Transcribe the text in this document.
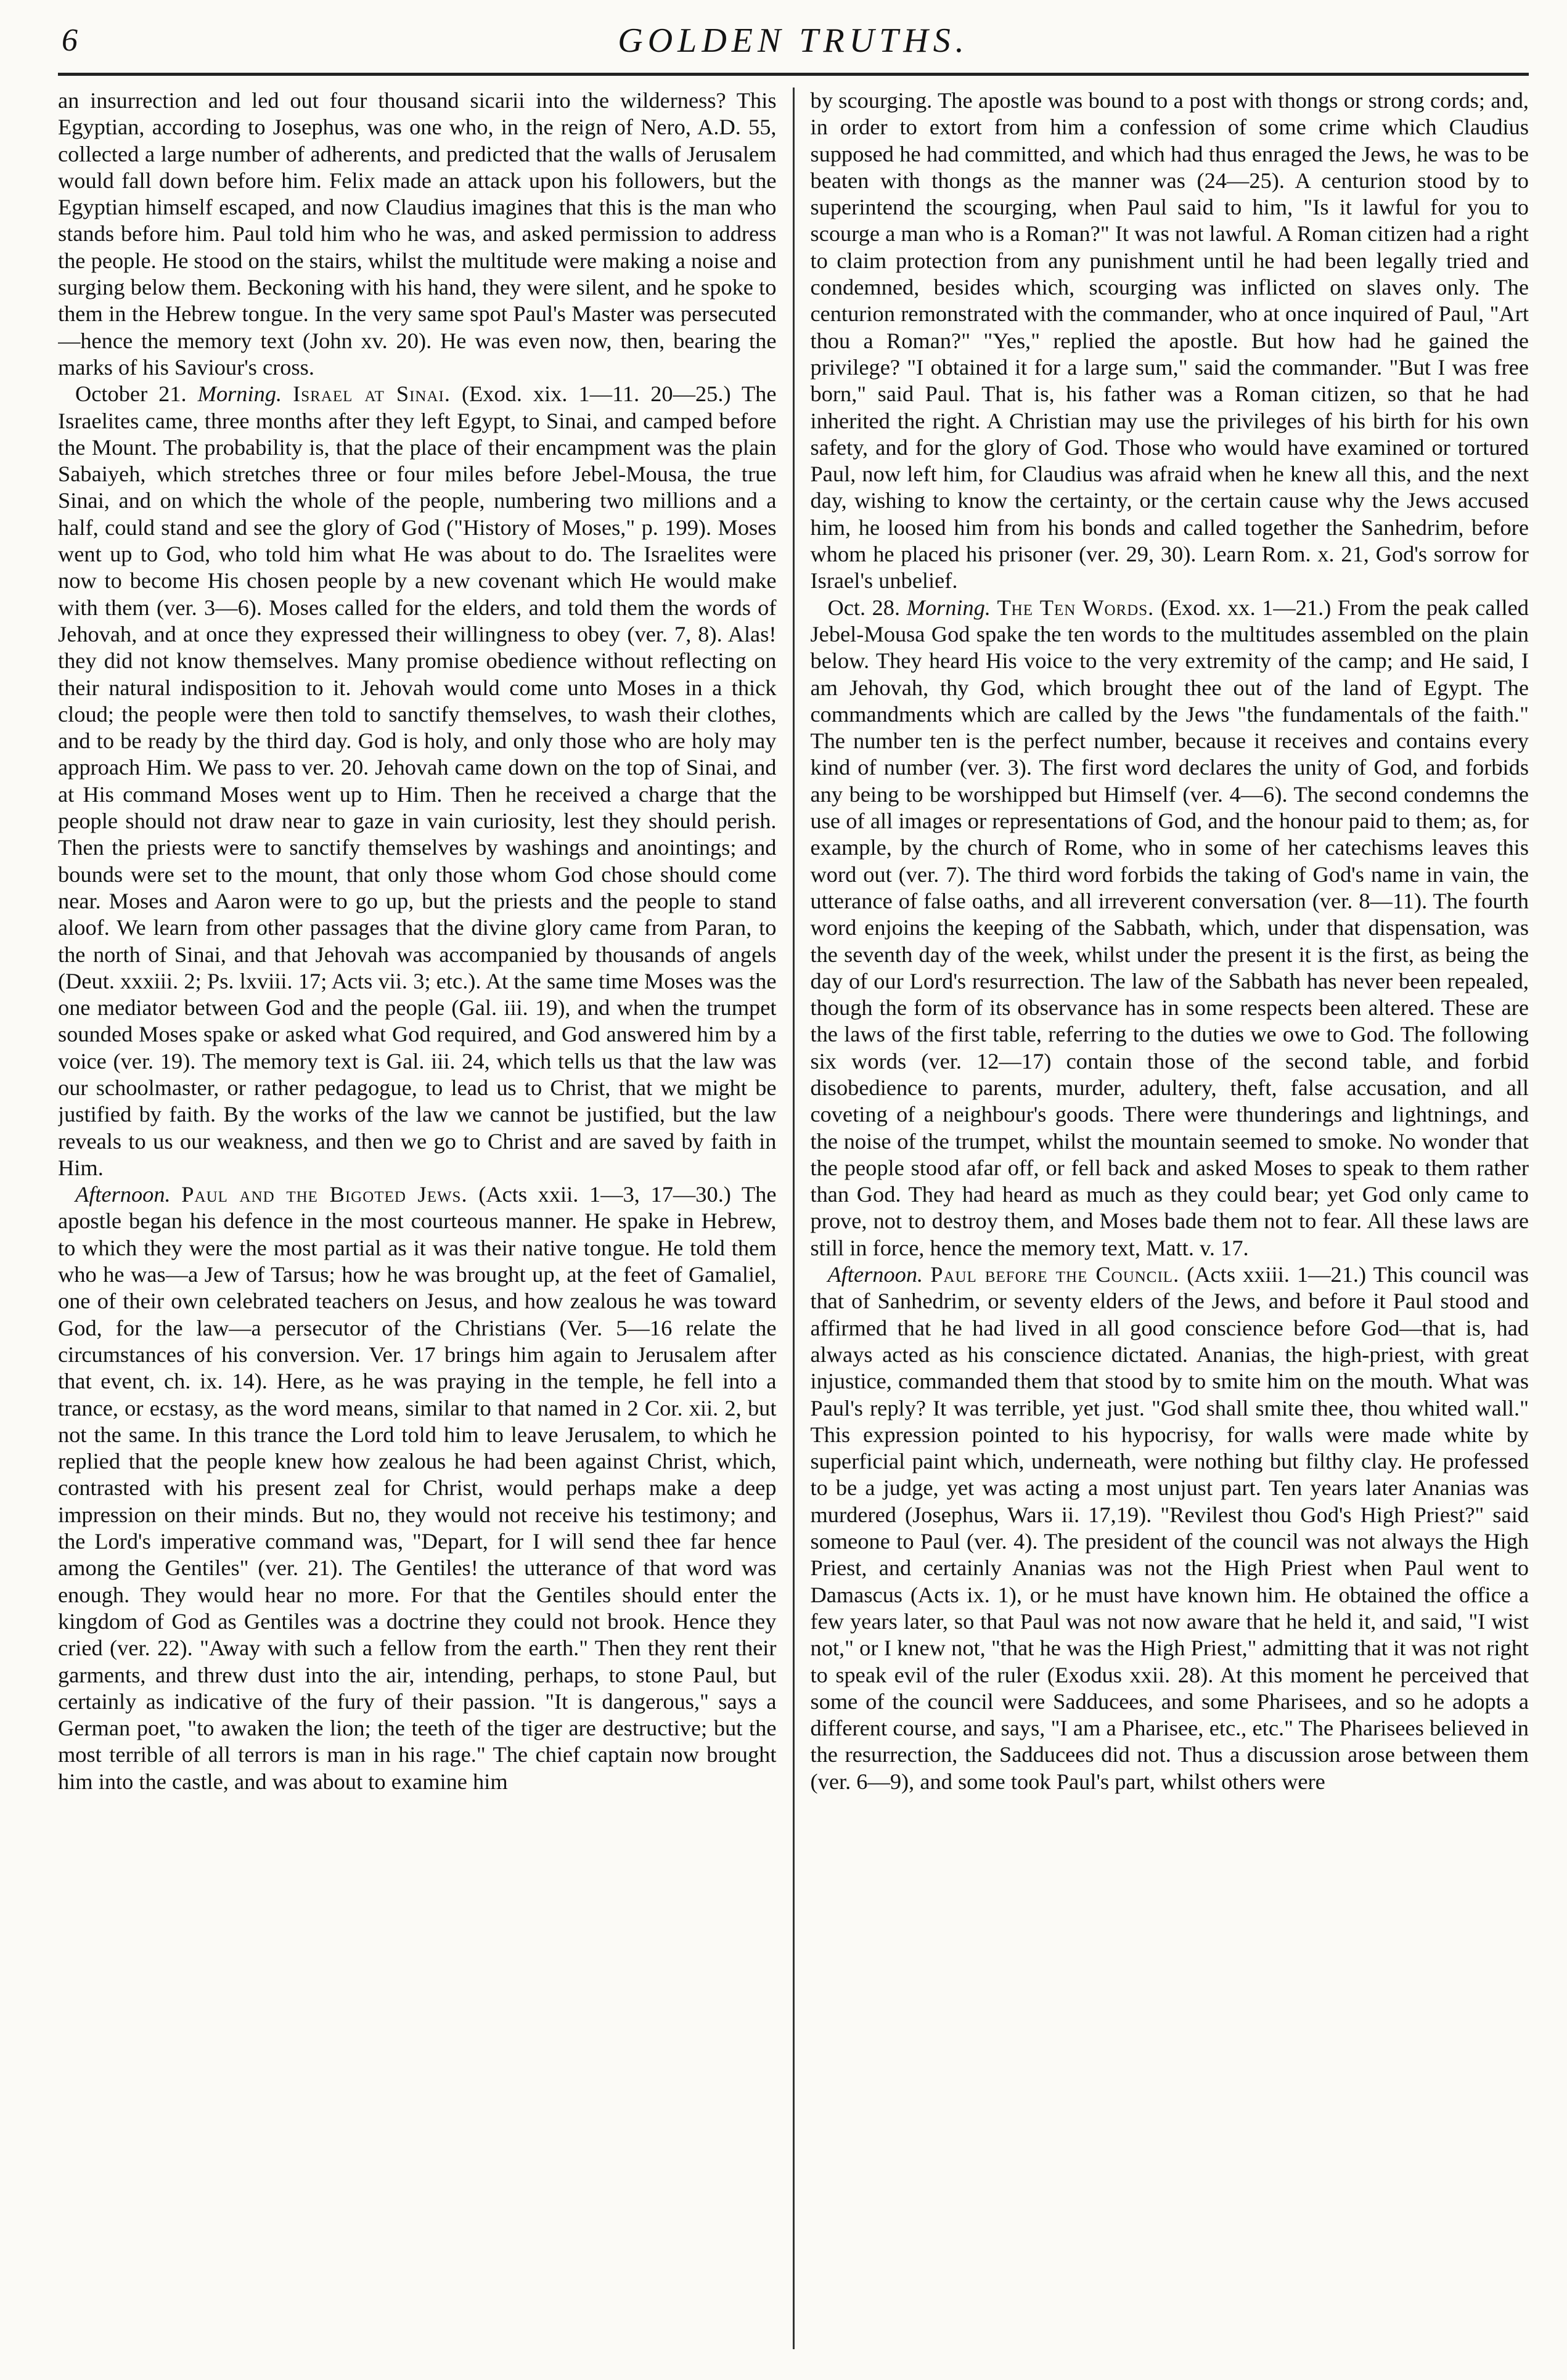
6	GOLDEN TRUTHS.

an insurrection and led out four thousand sicarii into the wilderness? This Egyptian, according to Josephus, was one who, in the reign of Nero, A.D. 55, collected a large number of adherents, and predicted that the walls of Jerusalem would fall down before him. Felix made an attack upon his followers, but the Egyptian himself escaped, and now Claudius imagines that this is the man who stands before him. Paul told him who he was, and asked permission to address the people. He stood on the stairs, whilst the multitude were making a noise and surging below them. Beckoning with his hand, they were silent, and he spoke to them in the Hebrew tongue. In the very same spot Paul's Master was persecuted—hence the memory text (John xv. 20). He was even now, then, bearing the marks of his Saviour's cross.

October 21. Morning. Israel at Sinai. (Exod. xix. 1—11. 20—25.) The Israelites came, three months after they left Egypt, to Sinai, and camped before the Mount. The probability is, that the place of their encampment was the plain Sabaiyeh, which stretches three or four miles before Jebel-Mousa, the true Sinai, and on which the whole of the people, numbering two millions and a half, could stand and see the glory of God ("History of Moses," p. 199). Moses went up to God, who told him what He was about to do. The Israelites were now to become His chosen people by a new covenant which He would make with them (ver. 3—6). Moses called for the elders, and told them the words of Jehovah, and at once they expressed their willingness to obey (ver. 7, 8). Alas! they did not know themselves. Many promise obedience without reflecting on their natural indisposition to it. Jehovah would come unto Moses in a thick cloud; the people were then told to sanctify themselves, to wash their clothes, and to be ready by the third day. God is holy, and only those who are holy may approach Him. We pass to ver. 20. Jehovah came down on the top of Sinai, and at His command Moses went up to Him. Then he received a charge that the people should not draw near to gaze in vain curiosity, lest they should perish. Then the priests were to sanctify themselves by washings and anointings; and bounds were set to the mount, that only those whom God chose should come near. Moses and Aaron were to go up, but the priests and the people to stand aloof. We learn from other passages that the divine glory came from Paran, to the north of Sinai, and that Jehovah was accompanied by thousands of angels (Deut. xxxiii. 2; Ps. lxviii. 17; Acts vii. 3; etc.). At the same time Moses was the one mediator between God and the people (Gal. iii. 19), and when the trumpet sounded Moses spake or asked what God required, and God answered him by a voice (ver. 19). The memory text is Gal. iii. 24, which tells us that the law was our schoolmaster, or rather pedagogue, to lead us to Christ, that we might be justified by faith. By the works of the law we cannot be justified, but the law reveals to us our weakness, and then we go to Christ and are saved by faith in Him.

Afternoon. Paul and the Bigoted Jews. (Acts xxii. 1—3, 17—30.) The apostle began his defence in the most courteous manner. He spake in Hebrew, to which they were the most partial as it was their native tongue. He told them who he was—a Jew of Tarsus; how he was brought up, at the feet of Gamaliel, one of their own celebrated teachers on Jesus, and how zealous he was toward God, for the law—a persecutor of the Christians (Ver. 5—16 relate the circumstances of his conversion. Ver. 17 brings him again to Jerusalem after that event, ch. ix. 14). Here, as he was praying in the temple, he fell into a trance, or ecstasy, as the word means, similar to that named in 2 Cor. xii. 2, but not the same. In this trance the Lord told him to leave Jerusalem, to which he replied that the people knew how zealous he had been against Christ, which, contrasted with his present zeal for Christ, would perhaps make a deep impression on their minds. But no, they would not receive his testimony; and the Lord's imperative command was, "Depart, for I will send thee far hence among the Gentiles" (ver. 21). The Gentiles! the utterance of that word was enough. They would hear no more. For that the Gentiles should enter the kingdom of God as Gentiles was a doctrine they could not brook. Hence they cried (ver. 22). "Away with such a fellow from the earth." Then they rent their garments, and threw dust into the air, intending, perhaps, to stone Paul, but certainly as indicative of the fury of their passion. "It is dangerous," says a German poet, "to awaken the lion; the teeth of the tiger are destructive; but the most terrible of all terrors is man in his rage." The chief captain now brought him into the castle, and was about to examine him

by scourging. The apostle was bound to a post with thongs or strong cords; and, in order to extort from him a confession of some crime which Claudius supposed he had committed, and which had thus enraged the Jews, he was to be beaten with thongs as the manner was (24—25). A centurion stood by to superintend the scourging, when Paul said to him, "Is it lawful for you to scourge a man who is a Roman?" It was not lawful. A Roman citizen had a right to claim protection from any punishment until he had been legally tried and condemned, besides which, scourging was inflicted on slaves only. The centurion remonstrated with the commander, who at once inquired of Paul, "Art thou a Roman?" "Yes," replied the apostle. But how had he gained the privilege? "I obtained it for a large sum," said the commander. "But I was free born," said Paul. That is, his father was a Roman citizen, so that he had inherited the right. A Christian may use the privileges of his birth for his own safety, and for the glory of God. Those who would have examined or tortured Paul, now left him, for Claudius was afraid when he knew all this, and the next day, wishing to know the certainty, or the certain cause why the Jews accused him, he loosed him from his bonds and called together the Sanhedrim, before whom he placed his prisoner (ver. 29, 30). Learn Rom. x. 21, God's sorrow for Israel's unbelief.

Oct. 28. Morning. The Ten Words. (Exod. xx. 1—21.) From the peak called Jebel-Mousa God spake the ten words to the multitudes assembled on the plain below. They heard His voice to the very extremity of the camp; and He said, I am Jehovah, thy God, which brought thee out of the land of Egypt. The commandments which are called by the Jews "the fundamentals of the faith." The number ten is the perfect number, because it receives and contains every kind of number (ver. 3). The first word declares the unity of God, and forbids any being to be worshipped but Himself (ver. 4—6). The second condemns the use of all images or representations of God, and the honour paid to them; as, for example, by the church of Rome, who in some of her catechisms leaves this word out (ver. 7). The third word forbids the taking of God's name in vain, the utterance of false oaths, and all irreverent conversation (ver. 8—11). The fourth word enjoins the keeping of the Sabbath, which, under that dispensation, was the seventh day of the week, whilst under the present it is the first, as being the day of our Lord's resurrection. The law of the Sabbath has never been repealed, though the form of its observance has in some respects been altered. These are the laws of the first table, referring to the duties we owe to God. The following six words (ver. 12—17) contain those of the second table, and forbid disobedience to parents, murder, adultery, theft, false accusation, and all coveting of a neighbour's goods. There were thunderings and lightnings, and the noise of the trumpet, whilst the mountain seemed to smoke. No wonder that the people stood afar off, or fell back and asked Moses to speak to them rather than God. They had heard as much as they could bear; yet God only came to prove, not to destroy them, and Moses bade them not to fear. All these laws are still in force, hence the memory text, Matt. v. 17.

Afternoon. Paul before the Council. (Acts xxiii. 1—21.) This council was that of Sanhedrim, or seventy elders of the Jews, and before it Paul stood and affirmed that he had lived in all good conscience before God—that is, had always acted as his conscience dictated. Ananias, the high-priest, with great injustice, commanded them that stood by to smite him on the mouth. What was Paul's reply? It was terrible, yet just. "God shall smite thee, thou whited wall." This expression pointed to his hypocrisy, for walls were made white by superficial paint which, underneath, were nothing but filthy clay. He professed to be a judge, yet was acting a most unjust part. Ten years later Ananias was murdered (Josephus, Wars ii. 17,19). "Revilest thou God's High Priest?" said someone to Paul (ver. 4). The president of the council was not always the High Priest, and certainly Ananias was not the High Priest when Paul went to Damascus (Acts ix. 1), or he must have known him. He obtained the office a few years later, so that Paul was not now aware that he held it, and said, "I wist not," or I knew not, "that he was the High Priest," admitting that it was not right to speak evil of the ruler (Exodus xxii. 28). At this moment he perceived that some of the council were Sadducees, and some Pharisees, and so he adopts a different course, and says, "I am a Pharisee, etc., etc." The Pharisees believed in the resurrection, the Sadducees did not. Thus a discussion arose between them (ver. 6—9), and some took Paul's part, whilst others were
